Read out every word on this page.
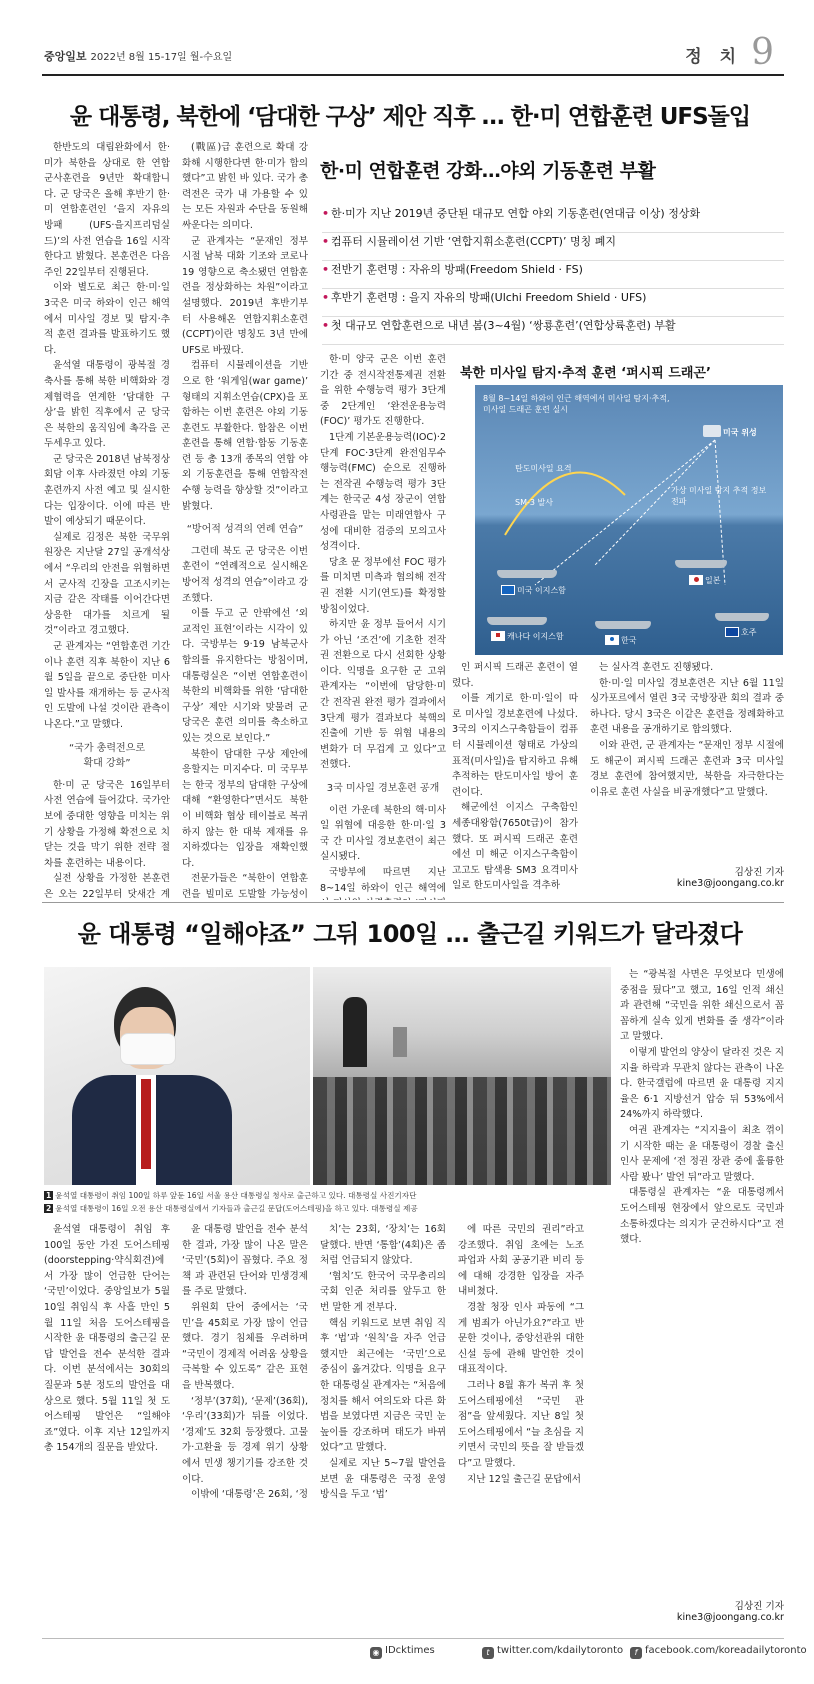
중앙일보 2022년 8월 15-17일 월-수요일	정 치 9
윤 대통령, 북한에 ‘담대한 구상’ 제안 직후 … 한·미 연합훈련 UFS돌입

한반도의 대립완화에서 한·미가 북한을 상대로 한 연합 군사훈련을 9년만 확대합니다. 군 당국은 올해 후반기 한·미 연합훈련인 ‘을지 자유의 방패 (UFS·을지프리덤실드)’의 사전 연습을 16일 시작한다고 밝혔다. 본훈련은 다음 주인 22일부터 진행된다.

이와 별도로 최근 한·미·일 3국은 미국 하와이 인근 해역에서 미사일 경보 및 탐지·추적 훈련 결과를 발표하기도 했다.

윤석열 대통령이 광복절 경축사를 통해 북한 비핵화와 경제협력을 연계한 ‘담대한 구상’을 밝힌 직후에서 군 당국은 북한의 움직임에 촉각을 곤두세우고 있다.

군 당국은 2018년 남북정상회담 이후 사라졌던 야외 기동훈련까지 사전 예고 및 실시한다는 입장이다. 이에 따른 반발이 예상되기 때문이다.

실제로 김정은 북한 국무위원장은 지난달 27일 공개석상에서 “우리의 안전을 위협하면서 군사적 긴장을 고조시키는 지금 같은 작태를 이어간다면 상응한 대가를 치르게 될 것”이라고 경고했다.

군 관계자는 “연합훈련 기간 이나 훈련 직후 북한이 지난 6월 5일을 끝으로 중단한 미사일 발사를 재개하는 등 군사적인 도발에 나설 것이란 관측이 나온다.”고 말했다.

“국가 총력전으로
확대 강화”

한·미 군 당국은 16일부터 사전 연습에 들어갔다. 국가안보에 중대한 영향을 미치는 위기 상황을 가정해 확전으로 치닫는 것을 막기 위한 전략 절차를 훈련하는 내용이다.

실전 상황을 가정한 본훈련은 오는 22일부터 닷새간 계

(戰區)급 훈련으로 확대 강화해 시행한다면 한·미가 합의했다”고 밝힌 바 있다. 국가 총력전은 국가 내 가용할 수 있는 모든 자원과 수단을 동원해 싸운다는 의미다.

군 관계자는 “문재인 정부 시절 남북 대화 기조와 코로나19 영향으로 축소됐던 연합훈련을 정상화하는 차원”이라고 설명했다. 2019년 후반기부터 사용해온 연합지휘소훈련(CCPT)이란 명칭도 3년 만에 UFS로 바꿨다.

컴퓨터 시뮬레이션을 기반으로 한 ‘워게임(war game)’ 형태의 지휘소연습(CPX)을 포함하는 이번 훈련은 야외 기동훈련도 부활한다. 합참은 이번 훈련을 통해 연합·합동 기동훈련 등 총 13개 종목의 연합 야외 기동훈련을 통해 연합작전 수행 능력을 향상할 것”이라고 밝혔다.

“방어적 성격의 연례 연습”

그런데 북도 군 당국은 이번 훈련이 “연례적으로 실시해온 방어적 성격의 연습”이라고 강조했다.

이를 두고 군 안팎에선 ‘외교적인 표현’이라는 시각이 있다. 국방부는 9·19 남북군사합의를 유지한다는 방침이며, 대통령실은 “이번 연합훈련이 북한의 비핵화를 위한 ‘담대한 구상’ 제안 시기와 맞물려 군 당국은 훈련 의미를 축소하고 있는 것으로 보인다.”

북한이 담대한 구상 제안에 응할지는 미지수다. 미 국무부는 한국 정부의 담대한 구상에 대해 “환영한다”면서도 북한이 비핵화 협상 테이블로 복귀하지 않는 한 대북 제재를 유지하겠다는 입장을 재확인했다.

전문가들은 “북한이 연합훈련을 빌미로 도발할 가능성이

한·미 연합훈련 강화…야외 기동훈련 부활
• 한·미가 지난 2019년 중단된 대규모 연합 야외 기동훈련(연대급 이상) 정상화
• 컴퓨터 시뮬레이션 기반 ‘연합지휘소훈련(CCPT)’ 명칭 폐지
• 전반기 훈련명 : 자유의 방패(Freedom Shield · FS)
• 후반기 훈련명 : 을지 자유의 방패(Ulchi Freedom Shield · UFS)
• 첫 대규모 연합훈련으로 내년 봄(3~4월) ‘쌍룡훈련’(연합상륙훈련) 부활
북한 미사일 탐지·추적 훈련 ‘퍼시픽 드래곤’

한·미 양국 군은 이번 훈련 기간 중 전시작전통제권 전환을 위한 수행능력 평가 3단계 중 2단계인 ‘완전운용능력(FOC)’ 평가도 진행한다.

1단계 기본운용능력(IOC)·2단계 FOC·3단계 완전임무수행능력(FMC) 순으로 진행하는 전작권 수행능력 평가 3단계는 한국군 4성 장군이 연합사령관을 맡는 미래연합사 구성에 대비한 검증의 모의고사 성격이다.

당초 문 정부에선 FOC 평가를 미치면 미측과 협의해 전작권 전환 시기(연도)를 확정할 방침이었다.

하지만 윤 정부 들어서 시기가 아닌 ‘조건’에 기초한 전작권 전환으로 다시 선회한 상황이다. 익명을 요구한 군 고위 관계자는 “이번에 담당한·미 간 전작권 완전 평가 결과에서 3단계 평가 결과보다 북핵의 진출에 기반 등 위협 내용의 변화가 더 무겁게 고 있다”고 전했다.

3국 미사일 경보훈련 공개

이런 가운데 북한의 핵·미사일 위협에 대응한 한·미·일 3국 간 미사일 경보훈련이 최근 실시됐다.

국방부에 따르면 지난 8~14일 하와이 인근 해역에

8월 8~14일 하와이 인근 해역에서 미사일 탐지·추적,
미사일 드래곤 훈련 실시
미국 위성
탄도미사일 요격
SM-3 발사
가상 미사일 탐지 추적 정보 전파
일본
미국 이지스함
캐나다 이지스함	호주
한국

인 퍼시픽 드래곤 훈련이 열렸다.

이를 계기로 한·미·일이 따로 미사일 경보훈련에 나섰다. 3국의 이지스구축함들이 컴퓨터 시뮬레이션 형태로 가상의 표적(미사일)을 탐지하고 유해 추적하는 탄도미사일 방어 훈련이다.

해군에선 이지스 구축함인 세종대왕함(7650t급)이 참가했다. 또 퍼시픽 드래곤 훈련에선 미 해군 이지스구축함이 고고도 탐색용 SM3 요격미사일로 한도미사일을 격추하

는 실사격 훈련도 진행됐다.

한·미·일 미사일 경보훈련은 지난 6월 11일 싱가포르에서 열린 3국 국방장관 회의 결과 중 하나다. 당시 3국은 이같은 훈련을 정례화하고 훈련 내용을 공개하기로 합의했다.

이와 관련, 군 관계자는 “문재인 정부 시절에도 해군이 퍼시픽 드래곤 훈련과 3국 미사일 경보 훈련에 참여했지만, 북한을 자극한다는 이유로 훈련 사실을 비공개했다”고 말했다.

김상진 기자
kine3@joongang.co.kr
윤 대통령 “일해야죠” 그뒤 100일 … 출근길 키워드가 달라졌다
1 윤석열 대통령이 취임 100일 하루 앞둔 16일 서울 용산 대통령실 청사로 출근하고 있다. 대통령실 사진기자단
2 윤석열 대통령이 16일 오전 용산 대통령실에서 기자들과 출근길 문답(도어스테핑)을 하고 있다. 대통령실 제공

윤석열 대통령이 취임 후 100일 동안 가진 도어스테핑(doorstepping·약식회견)에서 가장 많이 언급한 단어는 ‘국민’이었다. 중앙일보가 5월 10일 취임식 후 사흘 만인 5월 11일 처음 도어스테핑을 시작한 윤 대통령의 출근길 문답 발언을 전수 분석한 결과다. 이번 분석에서는 30회의 질문과 5분 정도의 발언을 대상으로 했다. 5월 11일 첫 도어스테핑 발언은 “일해야죠”였다. 이후 지난 12일까지 총 154개의 질문을 받았다.

윤 대통령 발언을 전수 분석한 결과, 가장 많이 나온 말은 ‘국민’(5회)이 꼽혔다. 주요 정책 과 관련된 단어와 민생경제를 주로 말했다.

위원회 단어 중에서는 ‘국민’을 45회로 가장 많이 언급했다. 경기 침체를 우려하며 “국민이 경제적 어려움 상황을 극복할 수 있도록” 같은 표현을 반복했다.

‘정부’(37회), ‘문제’(36회), ‘우리’(33회)가 뒤를 이었다. ‘경제’도 32회 등장했다. 고물가·고환율 등 경제 위기 상황에서 민생 챙기기를 강조한 것이다.

이밖에 ‘대통령’은 26회, ‘정

치’는 23회, ‘장치’는 16회 달했다. 반면 ‘통합’(4회)은 좀처럼 언급되지 않았다.

‘협치’도 한국어 국무총리의 국회 인준 처리를 앞두고 한 번 말한 게 전부다.

핵심 키워드로 보면 취임 직후 ‘법’과 ‘원칙’을 자주 언급했지만 최근에는 ‘국민’으로 중심이 옮겨갔다. 익명을 요구한 대통령실 관계자는 “처음에 정치를 해서 여의도와 다른 화법을 보였다면 지금은 국민 눈높이를 강조하며 태도가 바뀌었다”고 말했다.

실제로 지난 5~7월 발언을 보면 윤 대통령은 국정 운영 방식을 두고 ‘법’

에 따른 국민의 권리”라고 강조했다. 취임 초에는 노조 파업과 사회 공공기관 비리 등에 대해 강경한 입장을 자주 내비쳤다.

경찰 청장 인사 파동에 “그게 범죄가 아닌가요?”라고 반문한 것이나, 중앙선관위 대한 신설 등에 관해 발언한 것이 대표적이다.

그러나 8월 휴가 복귀 후 첫 도어스테핑에선 “국민 관점”을 앞세웠다. 지난 8일 첫 도어스테핑에서 “늘 초심을 지키면서 국민의 뜻을 잘 받들겠다”고 말했다.

지난 12일 출근길 문답에서

는 “광복절 사면은 무엇보다 민생에 중점을 뒀다”고 했고, 16일 인적 쇄신과 관련해 “국민을 위한 쇄신으로서 꼼꼼하게 실속 있게 변화를 줄 생각”이라고 말했다.

이렇게 발언의 양상이 달라진 것은 지지율 하락과 무관치 않다는 관측이 나온다. 한국갤럽에 따르면 윤 대통령 지지율은 6·1 지방선거 압승 뒤 53%에서 24%까지 하락했다.

여권 관계자는 “지지율이 최초 꺾이기 시작한 때는 윤 대통령이 경찰 출신 인사 문제에 ‘전 정권 장관 중에 훌륭한 사람 봤나’ 발언 뒤”라고 말했다.

대통령실 관계자는 “윤 대통령께서 도어스테핑 현장에서 앞으로도 국민과 소통하겠다는 의지가 굳건하시다”고 전했다.

김상진 기자
kine3@joongang.co.kr
◉ IDcktimes	t twitter.com/kdailytoronto	f facebook.com/koreadailytoronto
